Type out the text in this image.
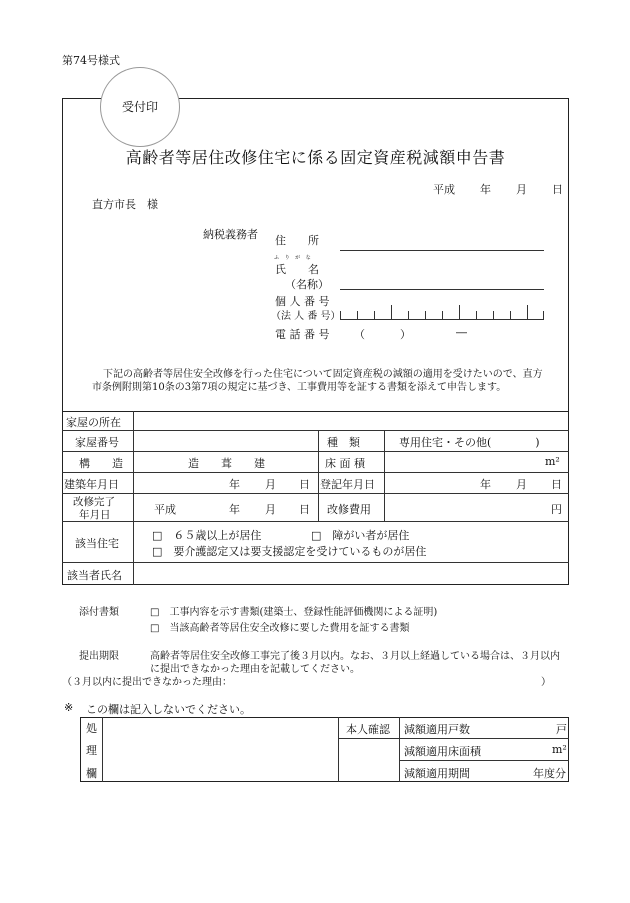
第74号様式
受付印
高齢者等居住改修住宅に係る固定資産税減額申告書
平成 年 月 日
直方市長　様
納税義務者 住　　所
ふ り が な
氏　　名
（名称）
個 人 番 号
（法 人 番 号）
電 話 番 号 （	）	―
下記の高齢者等居住安全改修を行った住宅について固定資産税の減額の適用を受けたいので、直方
市条例附則第10条の3第7項の規定に基づき、工事費用等を証する書類を添えて申告します。
家屋の所在
家屋番号	種　類	専用住宅・その他(　　　　)
構　　造	造　　葺　　建	床 面 積	m²
建築年月日	年 月 日 登記年月日	年 月 日
改修完了
年月日	平成	年 月 日 改修費用	円
該当住宅
□　６５歳以上が居住	□　障がい者が居住
□　要介護認定又は要支援認定を受けているものが居住
該当者氏名
添付書類	□　工事内容を示す書類(建築士、登録性能評価機関による証明)
□　当該高齢者等居住安全改修に要した費用を証する書類
提出期限	高齢者等居住安全改修工事完了後３月以内。なお、３月以上経過している場合は、３月以内
に提出できなかった理由を記載してください。
（３月以内に提出できなかった理由：	）
※ この欄は記入しないでください。
処
理
欄
本人確認 減額適用戸数	戸
減額適用床面積	m²
減額適用期間	年度分
